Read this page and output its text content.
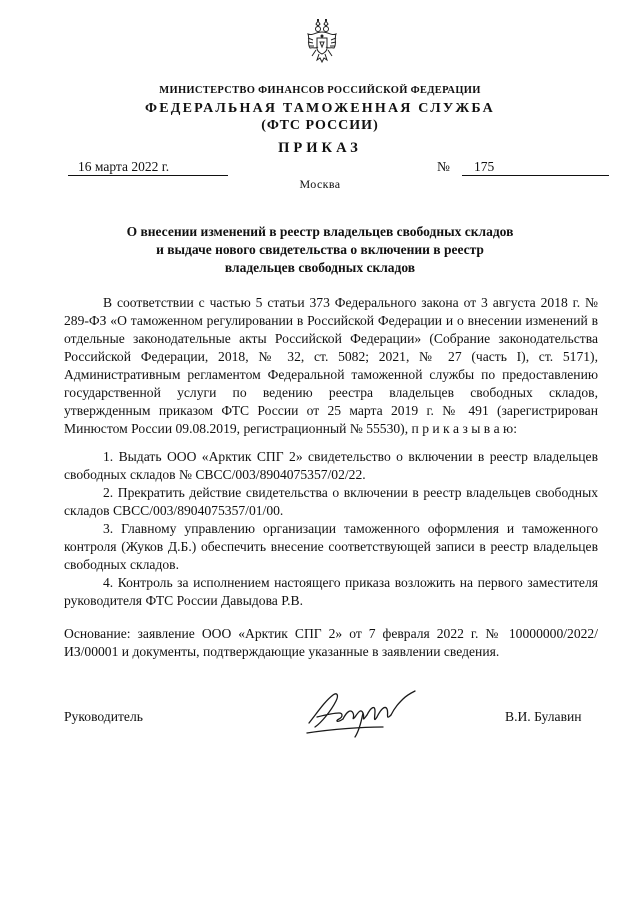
МИНИСТЕРСТВО ФИНАНСОВ РОССИЙСКОЙ ФЕДЕРАЦИИ
ФЕДЕРАЛЬНАЯ ТАМОЖЕННАЯ СЛУЖБА
(ФТС РОССИИ)
ПРИКАЗ
16 марта 2022 г.	№	175
Москва
О внесении изменений в реестр владельцев свободных складов
и выдаче нового свидетельства о включении в реестр
владельцев свободных складов

В соответствии с частью 5 статьи 373 Федерального закона от 3 августа 2018 г. № 289-ФЗ «О таможенном регулировании в Российской Федерации и о внесении изменений в отдельные законодательные акты Российской Федерации» (Собрание законодательства Российской Федерации, 2018, № 32, ст. 5082; 2021, № 27 (часть I), ст. 5171), Административным регламентом Федеральной таможенной службы по предоставлению государственной услуги по ведению реестра владельцев свободных складов, утвержденным приказом ФТС России от 25 марта 2019 г. № 491 (зарегистрирован Минюстом России 09.08.2019, регистрационный № 55530), п р и к а з ы в а ю:

1. Выдать ООО «Арктик СПГ 2» свидетельство о включении в реестр владельцев свободных складов № СВСС/003/8904075357/02/22.

2. Прекратить действие свидетельства о включении в реестр владельцев свободных складов СВСС/003/8904075357/01/00.

3. Главному управлению организации таможенного оформления и таможенного контроля (Жуков Д.Б.) обеспечить внесение соответствующей записи в реестр владельцев свободных складов.

4. Контроль за исполнением настоящего приказа возложить на первого заместителя руководителя ФТС России Давыдова Р.В.

Основание: заявление ООО «Арктик СПГ 2» от 7 февраля 2022 г. № 10000000/2022/ИЗ/00001 и документы, подтверждающие указанные в заявлении сведения.

Руководитель	В.И. Булавин
